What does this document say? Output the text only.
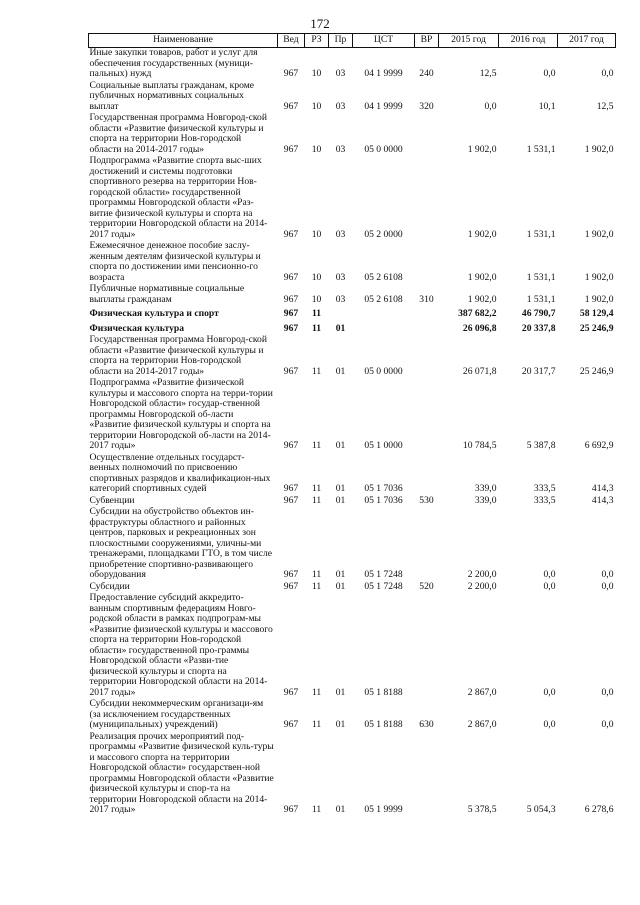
172
Наименование	Вед	РЗ	Пр	ЦСТ	ВР	2015 год	2016 год	2017 год
Иные закупки товаров, работ и услуг для обеспечения государственных (муници-пальных) нужд	967	10	03	04 1 9999	240	12,5	0,0	0,0
Социальные выплаты гражданам, кроме публичных нормативных социальных выплат	967	10	03	04 1 9999	320	0,0	10,1	12,5
Государственная программа Новгород-ской области «Развитие физической культуры и спорта на территории Нов-городской области на 2014-2017 годы»	967	10	03	05 0 0000		1 902,0	1 531,1	1 902,0
Подпрограмма «Развитие спорта выс-ших достижений и системы подготовки спортивного резерва на территории Нов-городской области» государственной программы Новгородской области «Раз-витие физической культуры и спорта на территории Новгородской области на 2014-2017 годы»	967	10	03	05 2 0000		1 902,0	1 531,1	1 902,0
Ежемесячное денежное пособие заслу-женным деятелям физической культуры и спорта по достижении ими пенсионно-го возраста	967	10	03	05 2 6108		1 902,0	1 531,1	1 902,0
Публичные нормативные социальные выплаты гражданам	967	10	03	05 2 6108	310	1 902,0	1 531,1	1 902,0
Физическая культура и спорт	967	11				387 682,2	46 790,7	58 129,4
Физическая культура	967	11	01			26 096,8	20 337,8	25 246,9
Государственная программа Новгород-ской области «Развитие физической культуры и спорта на территории Нов-городской области на 2014-2017 годы»	967	11	01	05 0 0000		26 071,8	20 317,7	25 246,9
Подпрограмма «Развитие физической культуры и массового спорта на терри-тории Новгородской области» государ-ственной программы Новгородской об-ласти «Развитие физической культуры и спорта на территории Новгородской об-ласти на 2014-2017 годы»	967	11	01	05 1 0000		10 784,5	5 387,8	6 692,9
Осуществление отдельных государст-венных полномочий по присвоению спортивных разрядов и квалификацион-ных категорий спортивных судей	967	11	01	05 1 7036		339,0	333,5	414,3
Субвенции	967	11	01	05 1 7036	530	339,0	333,5	414,3
Субсидии на обустройство объектов ин-фраструктуры областного и районных центров, парковых и рекреационных зон плоскостными сооружениями, уличны-ми тренажерами, площадками ГТО, в том числе приобретение спортивно-развивающего оборудования	967	11	01	05 1 7248		2 200,0	0,0	0,0
Субсидии	967	11	01	05 1 7248	520	2 200,0	0,0	0,0
Предоставление субсидий аккредито-ванным спортивным федерациям Новго-родской области в рамках подпрограм-мы «Развитие физической культуры и массового спорта на территории Нов-городской области» государственной про-граммы Новгородской области «Разви-тие физической культуры и спорта на территории Новгородской области на 2014-2017 годы»	967	11	01	05 1 8188		2 867,0	0,0	0,0
Субсидии некоммерческим организаци-ям (за исключением государственных (муниципальных) учреждений)	967	11	01	05 1 8188	630	2 867,0	0,0	0,0
Реализация прочих мероприятий под-программы «Развитие физической куль-туры и массового спорта на территории Новгородской области» государствен-ной программы Новгородской области «Развитие физической культуры и спор-та на территории Новгородской области на 2014-2017 годы»	967	11	01	05 1 9999		5 378,5	5 054,3	6 278,6
